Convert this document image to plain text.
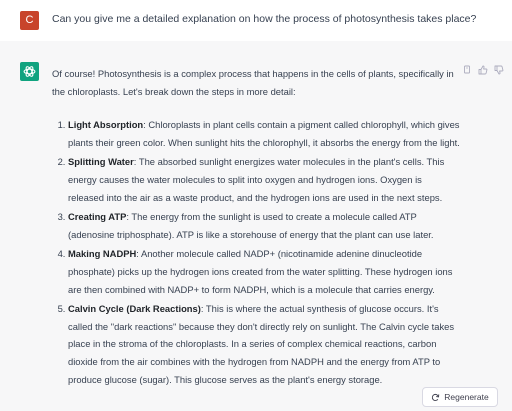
C	Can you give me a detailed explanation on how the process of photosynthesis takes place?

Of course! Photosynthesis is a complex process that happens in the cells of plants, specifically in the chloroplasts. Let's break down the steps in more detail:

1. Light Absorption: Chloroplasts in plant cells contain a pigment called chlorophyll, which gives plants their green color. When sunlight hits the chlorophyll, it absorbs the energy from the light.
2. Splitting Water: The absorbed sunlight energizes water molecules in the plant's cells. This energy causes the water molecules to split into oxygen and hydrogen ions. Oxygen is released into the air as a waste product, and the hydrogen ions are used in the next steps.
3. Creating ATP: The energy from the sunlight is used to create a molecule called ATP (adenosine triphosphate). ATP is like a storehouse of energy that the plant can use later.
4. Making NADPH: Another molecule called NADP+ (nicotinamide adenine dinucleotide phosphate) picks up the hydrogen ions created from the water splitting. These hydrogen ions are then combined with NADP+ to form NADPH, which is a molecule that carries energy.
5. Calvin Cycle (Dark Reactions): This is where the actual synthesis of glucose occurs. It's called the "dark reactions" because they don't directly rely on sunlight. The Calvin cycle takes place in the stroma of the chloroplasts. In a series of complex chemical reactions, carbon dioxide from the air combines with the hydrogen from NADPH and the energy from ATP to produce glucose (sugar). This glucose serves as the plant's energy storage.
Regenerate
